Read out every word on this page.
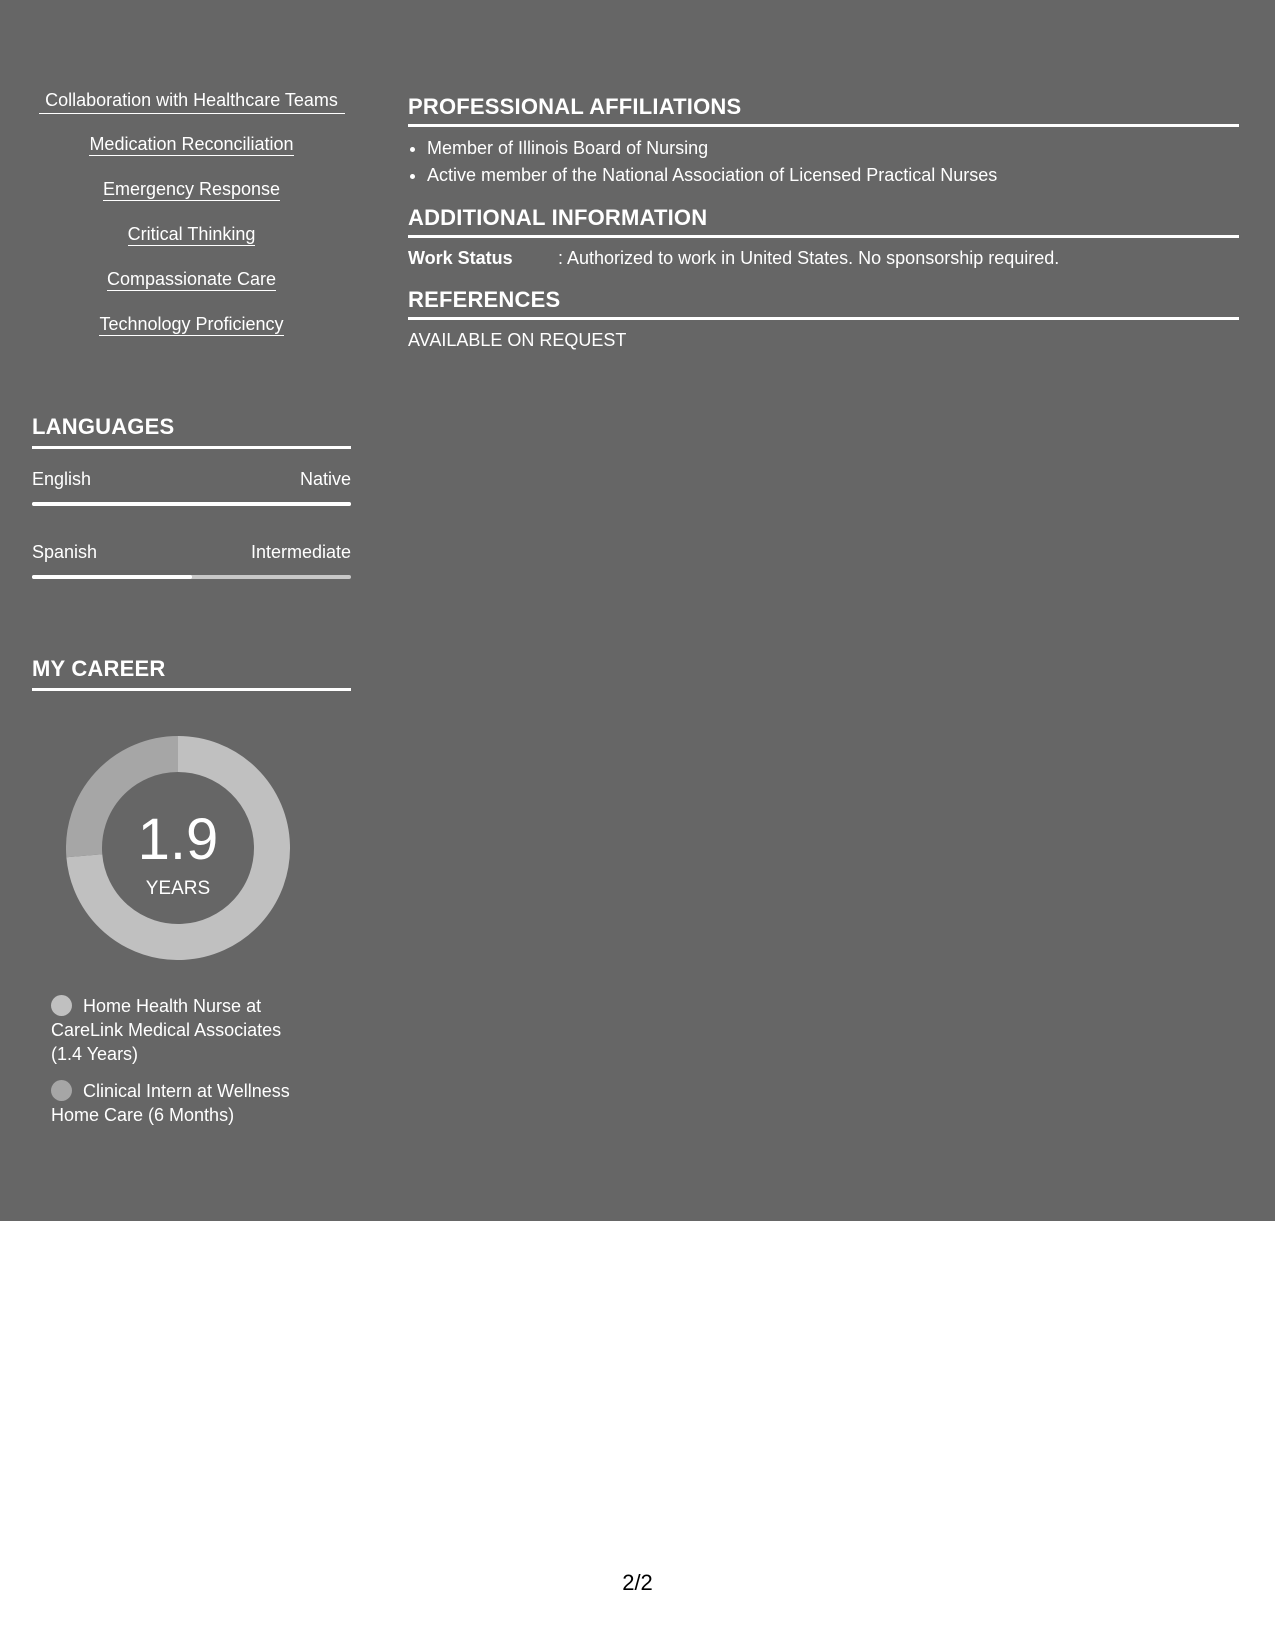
Collaboration with Healthcare Teams
Medication Reconciliation
Emergency Response
Critical Thinking
Compassionate Care
Technology Proficiency
LANGUAGES
English	Native
Spanish	Intermediate
MY CAREER
1.9
YEARS
Home Health Nurse at CareLink Medical Associates (1.4 Years)
Clinical Intern at Wellness Home Care (6 Months)
PROFESSIONAL AFFILIATIONS
• Member of Illinois Board of Nursing
• Active member of the National Association of Licensed Practical Nurses
ADDITIONAL INFORMATION
Work Status	: Authorized to work in United States. No sponsorship required.
REFERENCES
AVAILABLE ON REQUEST
2/2
